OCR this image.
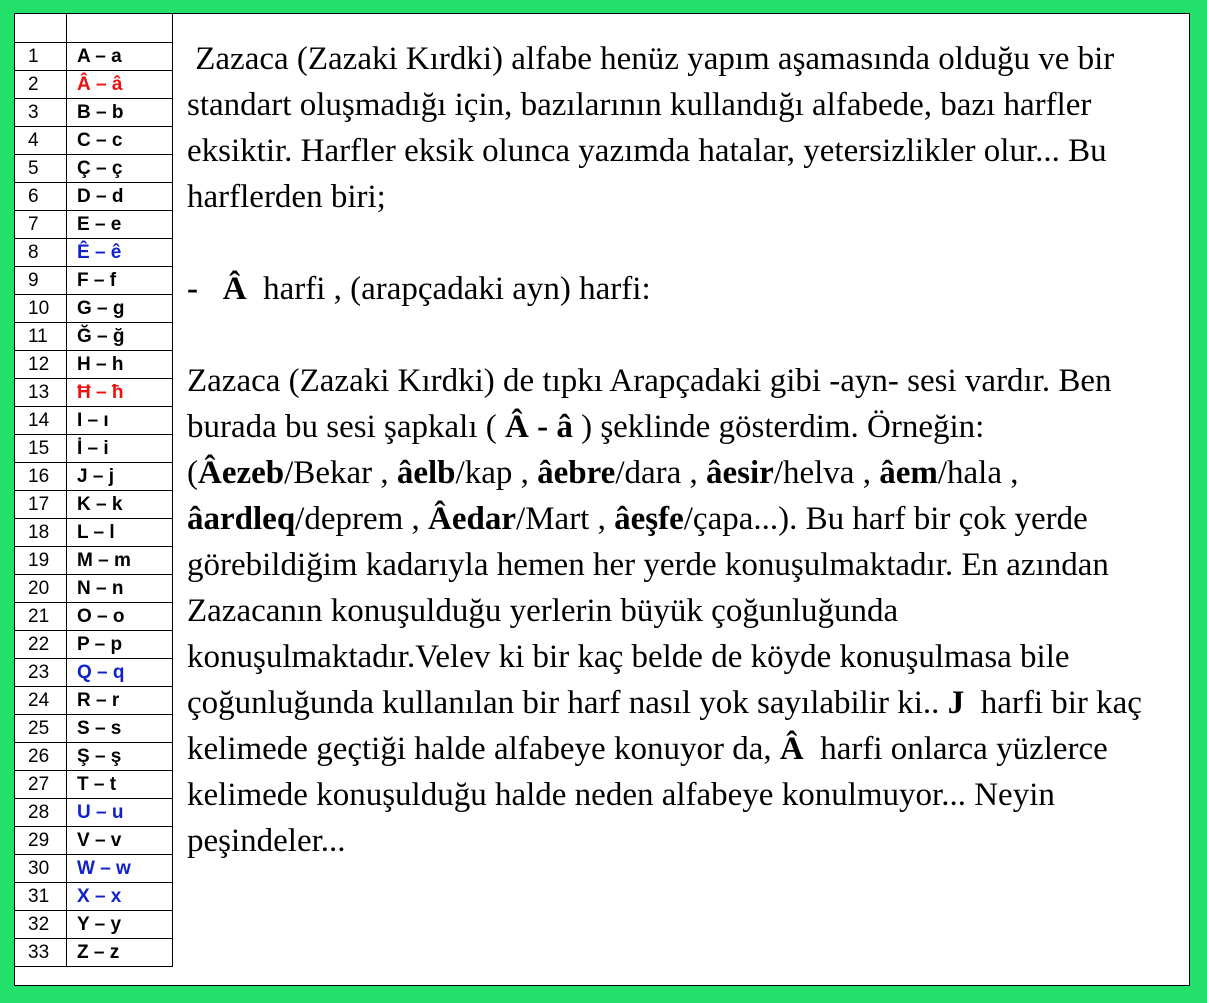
1	A – a
2	Â – â
3	B – b
4	C – c
5	Ç – ç
6	D – d
7	E – e
8	Ê – ê
9	F – f
10	G – g
11	Ğ – ğ
12	H – h
13	Ħ – ħ
14	I – ı
15	İ – i
16	J – j
17	K – k
18	L – l
19	M – m
20	N – n
21	O – o
22	P – p
23	Q – q
24	R – r
25	S – s
26	Ş – ş
27	T – t
28	U – u
29	V – v
30	W – w
31	X – x
32	Y – y
33	Z – z

Zazaca (Zazaki Kırdki) alfabe henüz yapım aşamasında olduğu ve bir standart oluşmadığı için, bazılarının kullandığı alfabede, bazı harfler eksiktir. Harfler eksik olunca yazımda hatalar, yetersizlikler olur... Bu harflerden biri;

-   Â  harfi , (arapçadaki ayn) harfi:

Zazaca (Zazaki Kırdki) de tıpkı Arapçadaki gibi -ayn- sesi vardır. Ben burada bu sesi şapkalı ( Â - â ) şeklinde gösterdim. Örneğin: (Âezeb/Bekar , âelb/kap , âebre/dara , âesir/helva , âem/hala , âardleq/deprem , Âedar/Mart , âeşfe/çapa...). Bu harf bir çok yerde görebildiğim kadarıyla hemen her yerde konuşulmaktadır. En azından Zazacanın konuşulduğu yerlerin büyük çoğunluğunda konuşulmaktadır.Velev ki bir kaç belde de köyde konuşulmasa bile çoğunluğunda kullanılan bir harf nasıl yok sayılabilir ki.. J  harfi bir kaç kelimede geçtiği halde alfabeye konuyor da, Â  harfi onlarca yüzlerce kelimede konuşulduğu halde neden alfabeye konulmuyor... Neyin peşindeler...
